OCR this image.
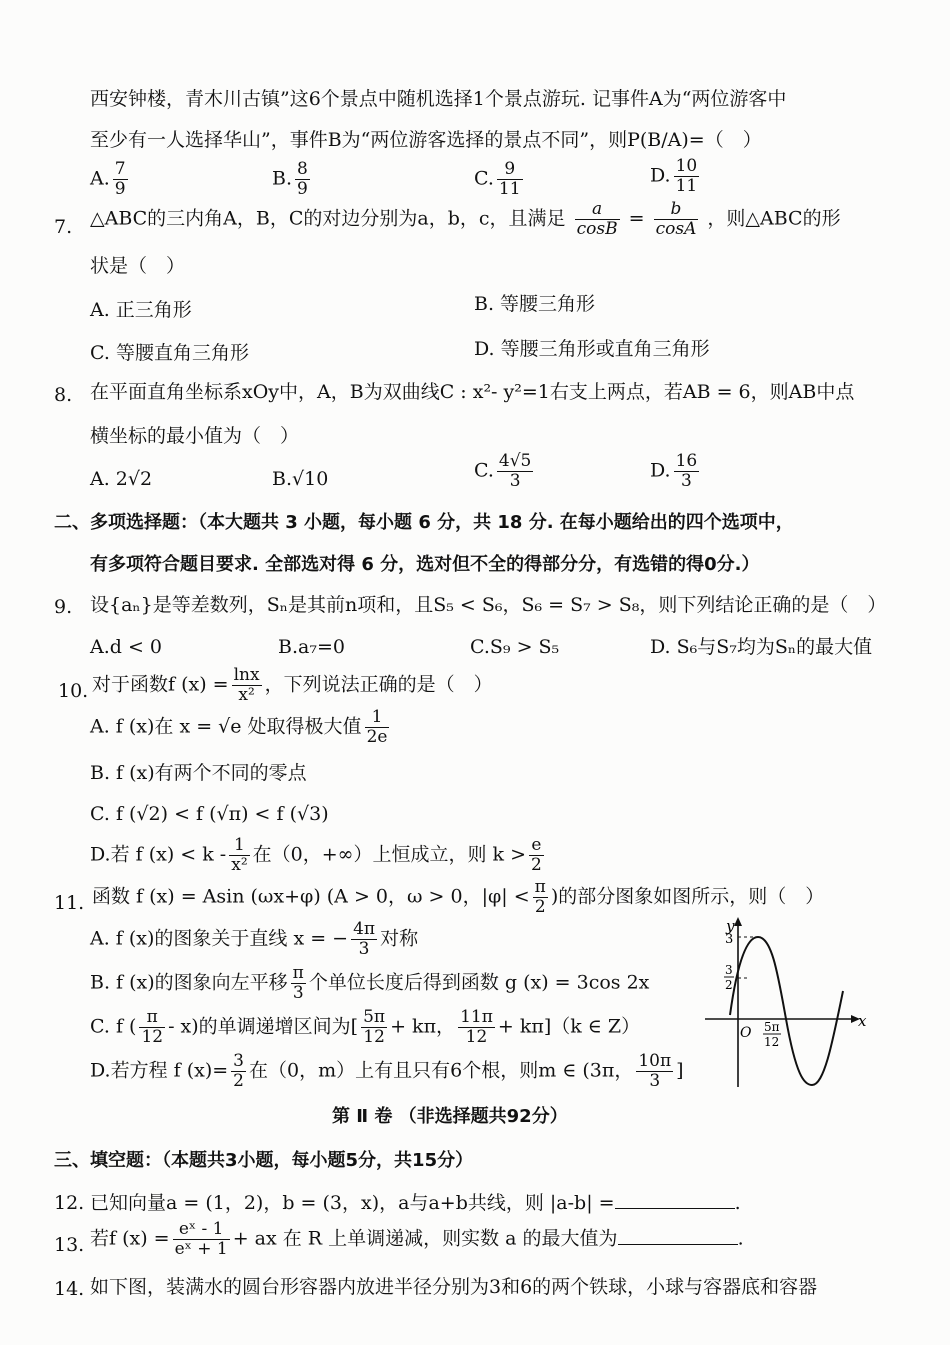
西安钟楼，青木川古镇”这6个景点中随机选择1个景点游玩. 记事件A为“两位游客中
至少有一人选择华山”，事件B为“两位游客选择的景点不同”，则P(B/A)=（　）
A. $\frac{7}{9}$	B. $\frac{8}{9}$	C. $\frac{9}{11}$	D. $\frac{10}{11}$
7. △ABC的三内角A，B，C的对边分别为a，b，c，且满足 $\frac{a}{\cos B} = \frac{b}{\cos A}$ ，则△ABC的形
状是（　）
A. 正三角形	B. 等腰三角形
C. 等腰直角三角形	D. 等腰三角形或直角三角形
8. 在平面直角坐标系xOy中，A，B为双曲线C : x²- y²=1右支上两点，若AB = 6，则AB中点
横坐标的最小值为（　）
A. 2√2	B.√10	C. $\frac{4√5}{3}$	D. $\frac{16}{3}$
二、多项选择题：（本大题共 3 小题，每小题 6 分，共 18 分. 在每小题给出的四个选项中，
有多项符合题目要求. 全部选对得 6 分，选对但不全的得部分分，有选错的得0分.）
9. 设{aₙ}是等差数列，Sₙ是其前n项和，且S₅ < S₆，S₆ = S₇ > S₈，则下列结论正确的是（　）
A.d < 0	B.a₇=0	C.S₉ > S₅	D. S₆与S₇均为Sₙ的最大值
10. 对于函数f $(x) = \frac{\ln x}{\text{x²}}$ ，下列说法正确的是（　）
A. f (x)在 x = √e 处取得极大值 $\frac{1}{2e}$
B. f (x)有两个不同的零点
C. f (√2) < f (√π) < f (√3)
D.若 f $(x) < k - \frac{1}{\text{x²}}$ 在（0，+∞）上恒成立，则 $k > \frac{e}{2}$
11. 函数 f (x) = Asin (ωx+φ) (A > 0，ω > 0，$|\varphi| < \frac{\pi}{2}$ )的部分图象如图所示，则（　）
A. f (x)的图象关于直线 x = − $\frac{4\pi}{3}$ 对称
B. f (x)的图象向左平移 $\frac{\pi}{3}$ 个单位长度后得到函数 g (x) = 3cos 2x
C. f ( $\frac{\pi}{12} - x$)的单调递增区间为[ $\frac{5\pi}{12} + k\pi$， $\frac{11\pi}{12} + k\pi](k$ ∈ Z）
D.若方程 f $(x)= \frac{3}{2}$ 在（0，m）上有且只有6个根，则m ∈ (3π， $\frac{10\pi}{3}$ ]
y
x
O
3
3
2
5π
12
第 Ⅱ 卷 （非选择题共92分）
三、填空题：（本题共3小题，每小题5分，共15分）
12. 已知向量a = (1，2)，b = (3，x)，a与a+b共线，则 |a-b| =	.
13. 若f $(x) = \frac{\text{eˣ - 1}}{\text{eˣ + 1}}$ + ax 在 R 上单调递减，则实数 a 的最大值为	.
14. 如下图，装满水的圆台形容器内放进半径分别为3和6的两个铁球，小球与容器底和容器
